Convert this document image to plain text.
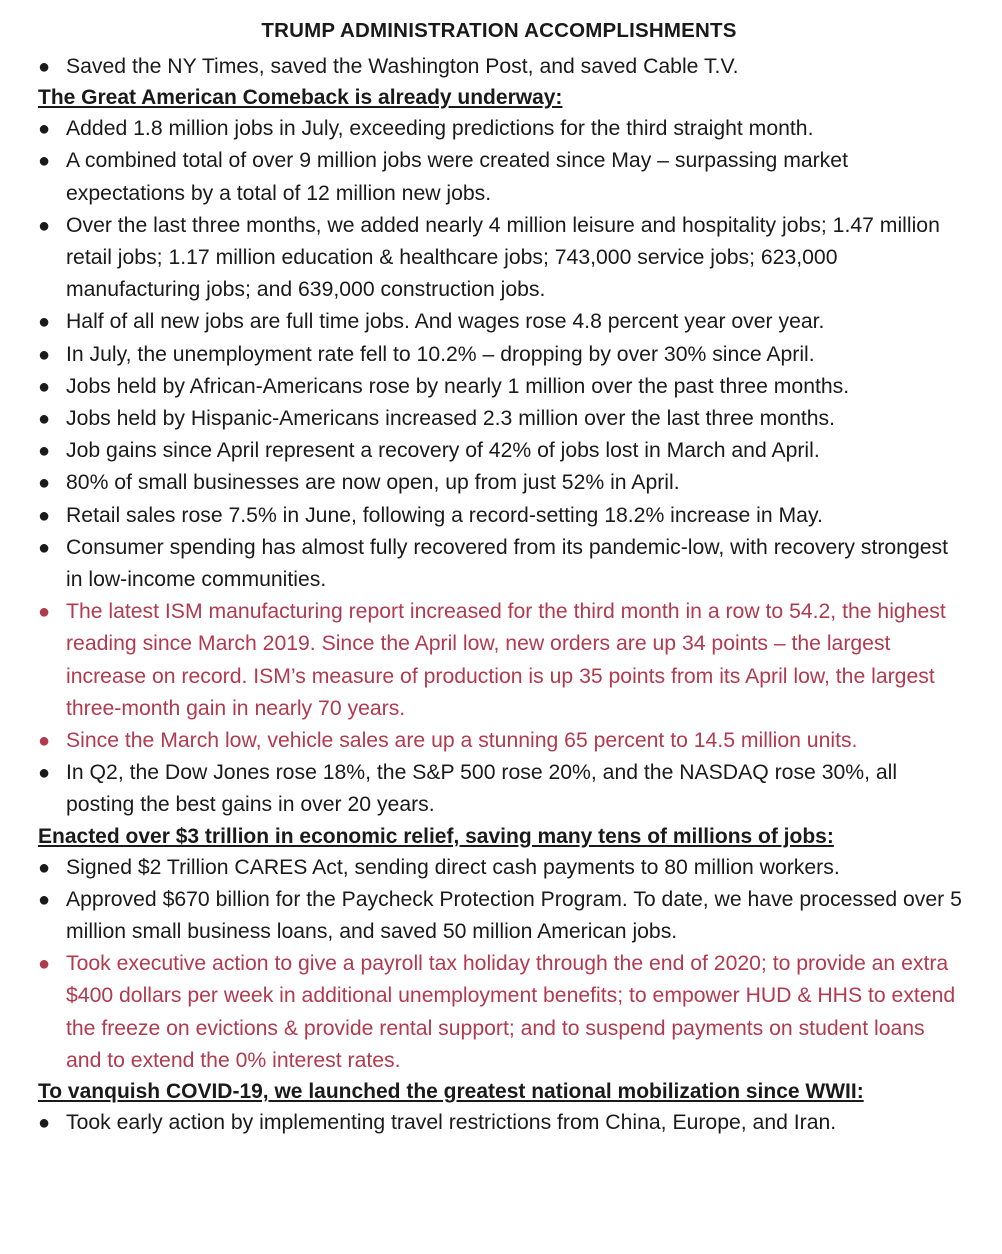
TRUMP ADMINISTRATION ACCOMPLISHMENTS
● Saved the NY Times, saved the Washington Post, and saved Cable T.V.
The Great American Comeback is already underway:
● Added 1.8 million jobs in July, exceeding predictions for the third straight month.
● A combined total of over 9 million jobs were created since May – surpassing market expectations by a total of 12 million new jobs.
● Over the last three months, we added nearly 4 million leisure and hospitality jobs; 1.47 million retail jobs; 1.17 million education & healthcare jobs; 743,000 service jobs; 623,000 manufacturing jobs; and 639,000 construction jobs.
● Half of all new jobs are full time jobs. And wages rose 4.8 percent year over year.
● In July, the unemployment rate fell to 10.2% – dropping by over 30% since April.
● Jobs held by African-Americans rose by nearly 1 million over the past three months.
● Jobs held by Hispanic-Americans increased 2.3 million over the last three months.
● Job gains since April represent a recovery of 42% of jobs lost in March and April.
● 80% of small businesses are now open, up from just 52% in April.
● Retail sales rose 7.5% in June, following a record-setting 18.2% increase in May.
● Consumer spending has almost fully recovered from its pandemic-low, with recovery strongest in low-income communities.
● The latest ISM manufacturing report increased for the third month in a row to 54.2, the highest reading since March 2019. Since the April low, new orders are up 34 points – the largest increase on record. ISM’s measure of production is up 35 points from its April low, the largest three-month gain in nearly 70 years.
● Since the March low, vehicle sales are up a stunning 65 percent to 14.5 million units.
● In Q2, the Dow Jones rose 18%, the S&P 500 rose 20%, and the NASDAQ rose 30%, all posting the best gains in over 20 years.
Enacted over $3 trillion in economic relief, saving many tens of millions of jobs:
● Signed $2 Trillion CARES Act, sending direct cash payments to 80 million workers.
● Approved $670 billion for the Paycheck Protection Program. To date, we have processed over 5 million small business loans, and saved 50 million American jobs.
● Took executive action to give a payroll tax holiday through the end of 2020; to provide an extra $400 dollars per week in additional unemployment benefits; to empower HUD & HHS to extend the freeze on evictions & provide rental support; and to suspend payments on student loans and to extend the 0% interest rates.
To vanquish COVID-19, we launched the greatest national mobilization since WWII:
● Took early action by implementing travel restrictions from China, Europe, and Iran.
